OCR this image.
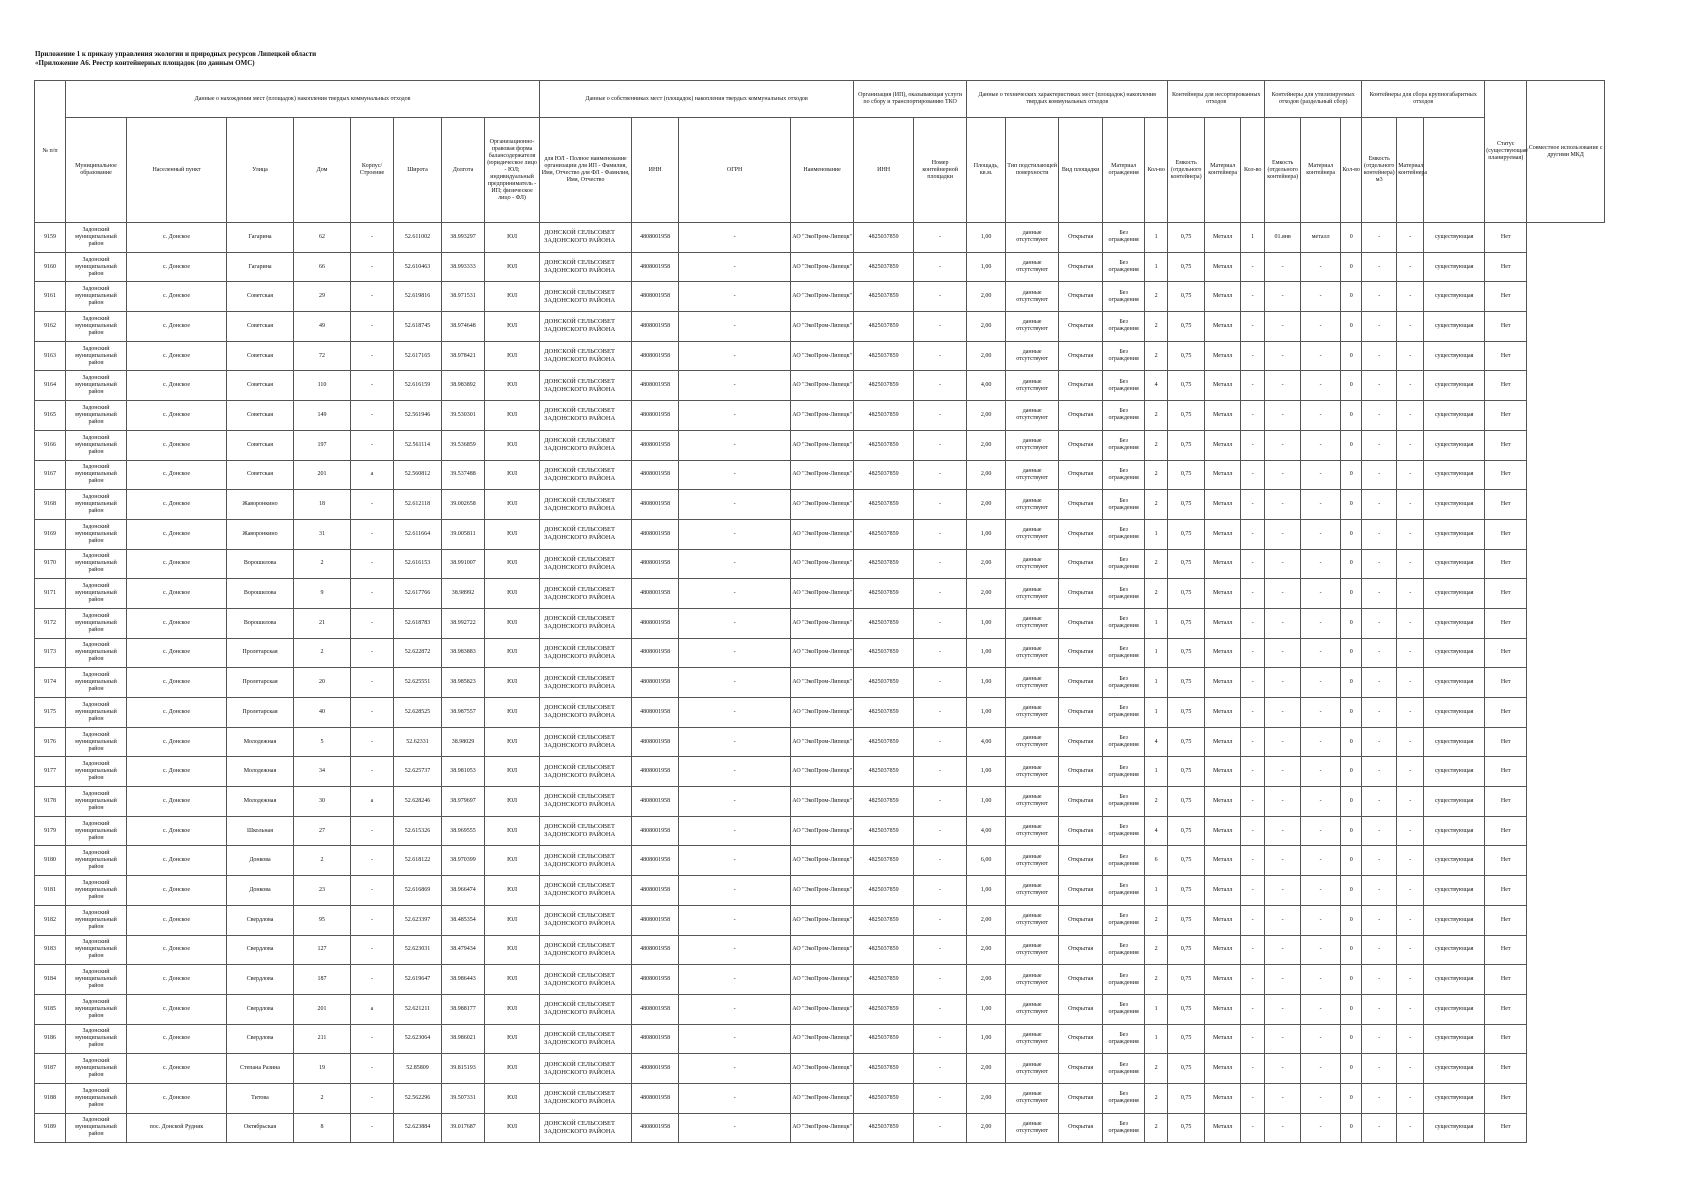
Приложение 1 к приказу управления экологии и природных ресурсов Липецкой области
«Приложение А6. Реестр контейнерных площадок (по данным ОМС)
№ п/п	Данные о нахождении мест (площадок) накопления твердых коммунальных отходов								Данные о собственниках мест (площадок) накопления твердых коммунальных отходов				Организация (ИП), оказывающая услуги по сбору и транспортированию ТКО		Данные о технических характеристиках мест (площадок) накопления твердых коммунальных отходов					Контейнеры для несортированных отходов			Контейнеры для утилизируемых отходов (раздельный сбор)			Контейнеры для сбора крупногабаритных отходов			Статус (существующая/ планируемая)	Совместное использование с другими МКД
	Муниципальное образование	Населенный пункт	Улица	Дом	Корпус/Строение	Широта	Долгота	Организационно-правовая форма балансодержателя (юридическое лицо - ЮЛ; индивидуальный предприниматель - ИП; физическое лицо - ФЛ)	для ЮЛ - Полное наименование организации для ИП - Фамилия, Имя, Отчество для ФЛ - Фамилия, Имя, Отчество	ИНН	ОГРН	Наименование	ИНН	Номер контейнерной площадки	Площадь, кв.м.	Тип подстилающей поверхности	Вид площадки	Материал ограждения	Кол-во	Емкость (отдельного контейнера)	Материал контейнера	Кол-во	Емкость (отдельного контейнера)	Материал контейнера	Кол-во	Емкость (отдельного контейнера) м3	Материал контейнера			
9159	Задонский муниципальный район	с. Донское	Гагарина	62	-	52.611002	38.993297	ЮЛ	ДОНСКОЙ СЕЛЬСОВЕТ ЗАДОНСКОГО РАЙОНА	4808001958	-	АО "ЭкоПром-Липецк"	4825037859	-	1,00	данные отсутствуют	Открытая	Без ограждения	1	0,75	Металл	1	01.янв	металл	0	-	-	существующая	Нет	
9160	Задонский муниципальный район	с. Донское	Гагарина	66	-	52.610463	38.993333	ЮЛ	ДОНСКОЙ СЕЛЬСОВЕТ ЗАДОНСКОГО РАЙОНА	4808001958	-	АО "ЭкоПром-Липецк"	4825037859	-	1,00	данные отсутствуют	Открытая	Без ограждения	1	0,75	Металл	-	-	-	0	-	-	существующая	Нет	
9161	Задонский муниципальный район	с. Донское	Советская	29	-	52.619816	38.971531	ЮЛ	ДОНСКОЙ СЕЛЬСОВЕТ ЗАДОНСКОГО РАЙОНА	4808001958	-	АО "ЭкоПром-Липецк"	4825037859	-	2,00	данные отсутствуют	Открытая	Без ограждения	2	0,75	Металл	-	-	-	0	-	-	существующая	Нет	
9162	Задонский муниципальный район	с. Донское	Советская	49	-	52.618745	38.974648	ЮЛ	ДОНСКОЙ СЕЛЬСОВЕТ ЗАДОНСКОГО РАЙОНА	4808001958	-	АО "ЭкоПром-Липецк"	4825037859	-	2,00	данные отсутствуют	Открытая	Без ограждения	2	0,75	Металл	-	-	-	0	-	-	существующая	Нет	
9163	Задонский муниципальный район	с. Донское	Советская	72	-	52.617165	38.978421	ЮЛ	ДОНСКОЙ СЕЛЬСОВЕТ ЗАДОНСКОГО РАЙОНА	4808001958	-	АО "ЭкоПром-Липецк"	4825037859	-	2,00	данные отсутствуют	Открытая	Без ограждения	2	0,75	Металл	-	-	-	0	-	-	существующая	Нет	
9164	Задонский муниципальный район	с. Донское	Советская	110	-	52.616159	38.983892	ЮЛ	ДОНСКОЙ СЕЛЬСОВЕТ ЗАДОНСКОГО РАЙОНА	4808001958	-	АО "ЭкоПром-Липецк"	4825037859	-	4,00	данные отсутствуют	Открытая	Без ограждения	4	0,75	Металл	-	-	-	0	-	-	существующая	Нет	
9165	Задонский муниципальный район	с. Донское	Советская	149	-	52.561946	39.530301	ЮЛ	ДОНСКОЙ СЕЛЬСОВЕТ ЗАДОНСКОГО РАЙОНА	4808001958	-	АО "ЭкоПром-Липецк"	4825037859	-	2,00	данные отсутствуют	Открытая	Без ограждения	2	0,75	Металл	-	-	-	0	-	-	существующая	Нет	
9166	Задонский муниципальный район	с. Донское	Советская	197	-	52.561114	39.536859	ЮЛ	ДОНСКОЙ СЕЛЬСОВЕТ ЗАДОНСКОГО РАЙОНА	4808001958	-	АО "ЭкоПром-Липецк"	4825037859	-	2,00	данные отсутствуют	Открытая	Без ограждения	2	0,75	Металл	-	-	-	0	-	-	существующая	Нет	
9167	Задонский муниципальный район	с. Донское	Советская	201	а	52.560812	39.537488	ЮЛ	ДОНСКОЙ СЕЛЬСОВЕТ ЗАДОНСКОГО РАЙОНА	4808001958	-	АО "ЭкоПром-Липецк"	4825037859	-	2,00	данные отсутствуют	Открытая	Без ограждения	2	0,75	Металл	-	-	-	0	-	-	существующая	Нет	
9168	Задонский муниципальный район	с. Донское	Жаворонкино	18	-	52.612118	39.002658	ЮЛ	ДОНСКОЙ СЕЛЬСОВЕТ ЗАДОНСКОГО РАЙОНА	4808001958	-	АО "ЭкоПром-Липецк"	4825037859	-	2,00	данные отсутствуют	Открытая	Без ограждения	2	0,75	Металл	-	-	-	0	-	-	существующая	Нет	
9169	Задонский муниципальный район	с. Донское	Жаворонкино	31	-	52.611664	39.005811	ЮЛ	ДОНСКОЙ СЕЛЬСОВЕТ ЗАДОНСКОГО РАЙОНА	4808001958	-	АО "ЭкоПром-Липецк"	4825037859	-	1,00	данные отсутствуют	Открытая	Без ограждения	1	0,75	Металл	-	-	-	0	-	-	существующая	Нет	
9170	Задонский муниципальный район	с. Донское	Ворошилова	2	-	52.616153	38.991007	ЮЛ	ДОНСКОЙ СЕЛЬСОВЕТ ЗАДОНСКОГО РАЙОНА	4808001958	-	АО "ЭкоПром-Липецк"	4825037859	-	2,00	данные отсутствуют	Открытая	Без ограждения	2	0,75	Металл	-	-	-	0	-	-	существующая	Нет	
9171	Задонский муниципальный район	с. Донское	Ворошилова	9	-	52.617766	38.98992	ЮЛ	ДОНСКОЙ СЕЛЬСОВЕТ ЗАДОНСКОГО РАЙОНА	4808001958	-	АО "ЭкоПром-Липецк"	4825037859	-	2,00	данные отсутствуют	Открытая	Без ограждения	2	0,75	Металл	-	-	-	0	-	-	существующая	Нет	
9172	Задонский муниципальный район	с. Донское	Ворошилова	21	-	52.618783	38.992722	ЮЛ	ДОНСКОЙ СЕЛЬСОВЕТ ЗАДОНСКОГО РАЙОНА	4808001958	-	АО "ЭкоПром-Липецк"	4825037859	-	1,00	данные отсутствуют	Открытая	Без ограждения	1	0,75	Металл	-	-	-	0	-	-	существующая	Нет	
9173	Задонский муниципальный район	с. Донское	Пролетарская	2	-	52.622872	38.983883	ЮЛ	ДОНСКОЙ СЕЛЬСОВЕТ ЗАДОНСКОГО РАЙОНА	4808001958	-	АО "ЭкоПром-Липецк"	4825037859	-	1,00	данные отсутствуют	Открытая	Без ограждения	1	0,75	Металл	-	-	-	0	-	-	существующая	Нет	
9174	Задонский муниципальный район	с. Донское	Пролетарская	20	-	52.625551	38.985823	ЮЛ	ДОНСКОЙ СЕЛЬСОВЕТ ЗАДОНСКОГО РАЙОНА	4808001958	-	АО "ЭкоПром-Липецк"	4825037859	-	1,00	данные отсутствуют	Открытая	Без ограждения	1	0,75	Металл	-	-	-	0	-	-	существующая	Нет	
9175	Задонский муниципальный район	с. Донское	Пролетарская	40	-	52.628525	38.987557	ЮЛ	ДОНСКОЙ СЕЛЬСОВЕТ ЗАДОНСКОГО РАЙОНА	4808001958	-	АО "ЭкоПром-Липецк"	4825037859	-	1,00	данные отсутствуют	Открытая	Без ограждения	1	0,75	Металл	-	-	-	0	-	-	существующая	Нет	
9176	Задонский муниципальный район	с. Донское	Молодежная	5	-	52.62331	38.98029	ЮЛ	ДОНСКОЙ СЕЛЬСОВЕТ ЗАДОНСКОГО РАЙОНА	4808001958	-	АО "ЭкоПром-Липецк"	4825037859	-	4,00	данные отсутствуют	Открытая	Без ограждения	4	0,75	Металл	-	-	-	0	-	-	существующая	Нет	
9177	Задонский муниципальный район	с. Донское	Молодежная	34	-	52.625737	38.981053	ЮЛ	ДОНСКОЙ СЕЛЬСОВЕТ ЗАДОНСКОГО РАЙОНА	4808001958	-	АО "ЭкоПром-Липецк"	4825037859	-	1,00	данные отсутствуют	Открытая	Без ограждения	1	0,75	Металл	-	-	-	0	-	-	существующая	Нет	
9178	Задонский муниципальный район	с. Донское	Молодежная	30	а	52.628246	38.979697	ЮЛ	ДОНСКОЙ СЕЛЬСОВЕТ ЗАДОНСКОГО РАЙОНА	4808001958	-	АО "ЭкоПром-Липецк"	4825037859	-	1,00	данные отсутствуют	Открытая	Без ограждения	2	0,75	Металл	-	-	-	0	-	-	существующая	Нет	
9179	Задонский муниципальный район	с. Донское	Школьная	27	-	52.615326	38.969555	ЮЛ	ДОНСКОЙ СЕЛЬСОВЕТ ЗАДОНСКОГО РАЙОНА	4808001958	-	АО "ЭкоПром-Липецк"	4825037859	-	4,00	данные отсутствуют	Открытая	Без ограждения	4	0,75	Металл	-	-	-	0	-	-	существующая	Нет	
9180	Задонский муниципальный район	с. Донское	Донкова	2	-	52.618122	38.970399	ЮЛ	ДОНСКОЙ СЕЛЬСОВЕТ ЗАДОНСКОГО РАЙОНА	4808001958	-	АО "ЭкоПром-Липецк"	4825037859	-	6,00	данные отсутствуют	Открытая	Без ограждения	6	0,75	Металл	-	-	-	0	-	-	существующая	Нет	
9181	Задонский муниципальный район	с. Донское	Донкова	23	-	52.616869	38.966474	ЮЛ	ДОНСКОЙ СЕЛЬСОВЕТ ЗАДОНСКОГО РАЙОНА	4808001958	-	АО "ЭкоПром-Липецк"	4825037859	-	1,00	данные отсутствуют	Открытая	Без ограждения	1	0,75	Металл	-	-	-	0	-	-	существующая	Нет	
9182	Задонский муниципальный район	с. Донское	Свердлова	95	-	52.623397	38.485354	ЮЛ	ДОНСКОЙ СЕЛЬСОВЕТ ЗАДОНСКОГО РАЙОНА	4808001958	-	АО "ЭкоПром-Липецк"	4825037859	-	2,00	данные отсутствуют	Открытая	Без ограждения	2	0,75	Металл	-	-	-	0	-	-	существующая	Нет	
9183	Задонский муниципальный район	с. Донское	Свердлова	127	-	52.623031	38.479434	ЮЛ	ДОНСКОЙ СЕЛЬСОВЕТ ЗАДОНСКОГО РАЙОНА	4808001958	-	АО "ЭкоПром-Липецк"	4825037859	-	2,00	данные отсутствуют	Открытая	Без ограждения	2	0,75	Металл	-	-	-	0	-	-	существующая	Нет	
9184	Задонский муниципальный район	с. Донское	Свердлова	187	-	52.619647	38.986443	ЮЛ	ДОНСКОЙ СЕЛЬСОВЕТ ЗАДОНСКОГО РАЙОНА	4808001958	-	АО "ЭкоПром-Липецк"	4825037859	-	2,00	данные отсутствуют	Открытая	Без ограждения	2	0,75	Металл	-	-	-	0	-	-	существующая	Нет	
9185	Задонский муниципальный район	с. Донское	Свердлова	201	а	52.621211	38.988177	ЮЛ	ДОНСКОЙ СЕЛЬСОВЕТ ЗАДОНСКОГО РАЙОНА	4808001958	-	АО "ЭкоПром-Липецк"	4825037859	-	1,00	данные отсутствуют	Открытая	Без ограждения	1	0,75	Металл	-	-	-	0	-	-	существующая	Нет	
9186	Задонский муниципальный район	с. Донское	Свердлова	211	-	52.623064	38.986021	ЮЛ	ДОНСКОЙ СЕЛЬСОВЕТ ЗАДОНСКОГО РАЙОНА	4808001958	-	АО "ЭкоПром-Липецк"	4825037859	-	1,00	данные отсутствуют	Открытая	Без ограждения	1	0,75	Металл	-	-	-	0	-	-	существующая	Нет	
9187	Задонский муниципальный район	с. Донское	Степана Разина	19	-	52.85809	39.815193	ЮЛ	ДОНСКОЙ СЕЛЬСОВЕТ ЗАДОНСКОГО РАЙОНА	4808001958	-	АО "ЭкоПром-Липецк"	4825037859	-	2,00	данные отсутствуют	Открытая	Без ограждения	2	0,75	Металл	-	-	-	0	-	-	существующая	Нет	
9188	Задонский муниципальный район	с. Донское	Титова	2	-	52.562296	39.507331	ЮЛ	ДОНСКОЙ СЕЛЬСОВЕТ ЗАДОНСКОГО РАЙОНА	4808001958	-	АО "ЭкоПром-Липецк"	4825037859	-	2,00	данные отсутствуют	Открытая	Без ограждения	2	0,75	Металл	-	-	-	0	-	-	существующая	Нет	
9189	Задонский муниципальный район	пос. Донской Рудник	Октябрьская	8	-	52.623884	39.017687	ЮЛ	ДОНСКОЙ СЕЛЬСОВЕТ ЗАДОНСКОГО РАЙОНА	4808001958	-	АО "ЭкоПром-Липецк"	4825037859	-	2,00	данные отсутствуют	Открытая	Без ограждения	2	0,75	Металл	-	-	-	0	-	-	существующая	Нет	
